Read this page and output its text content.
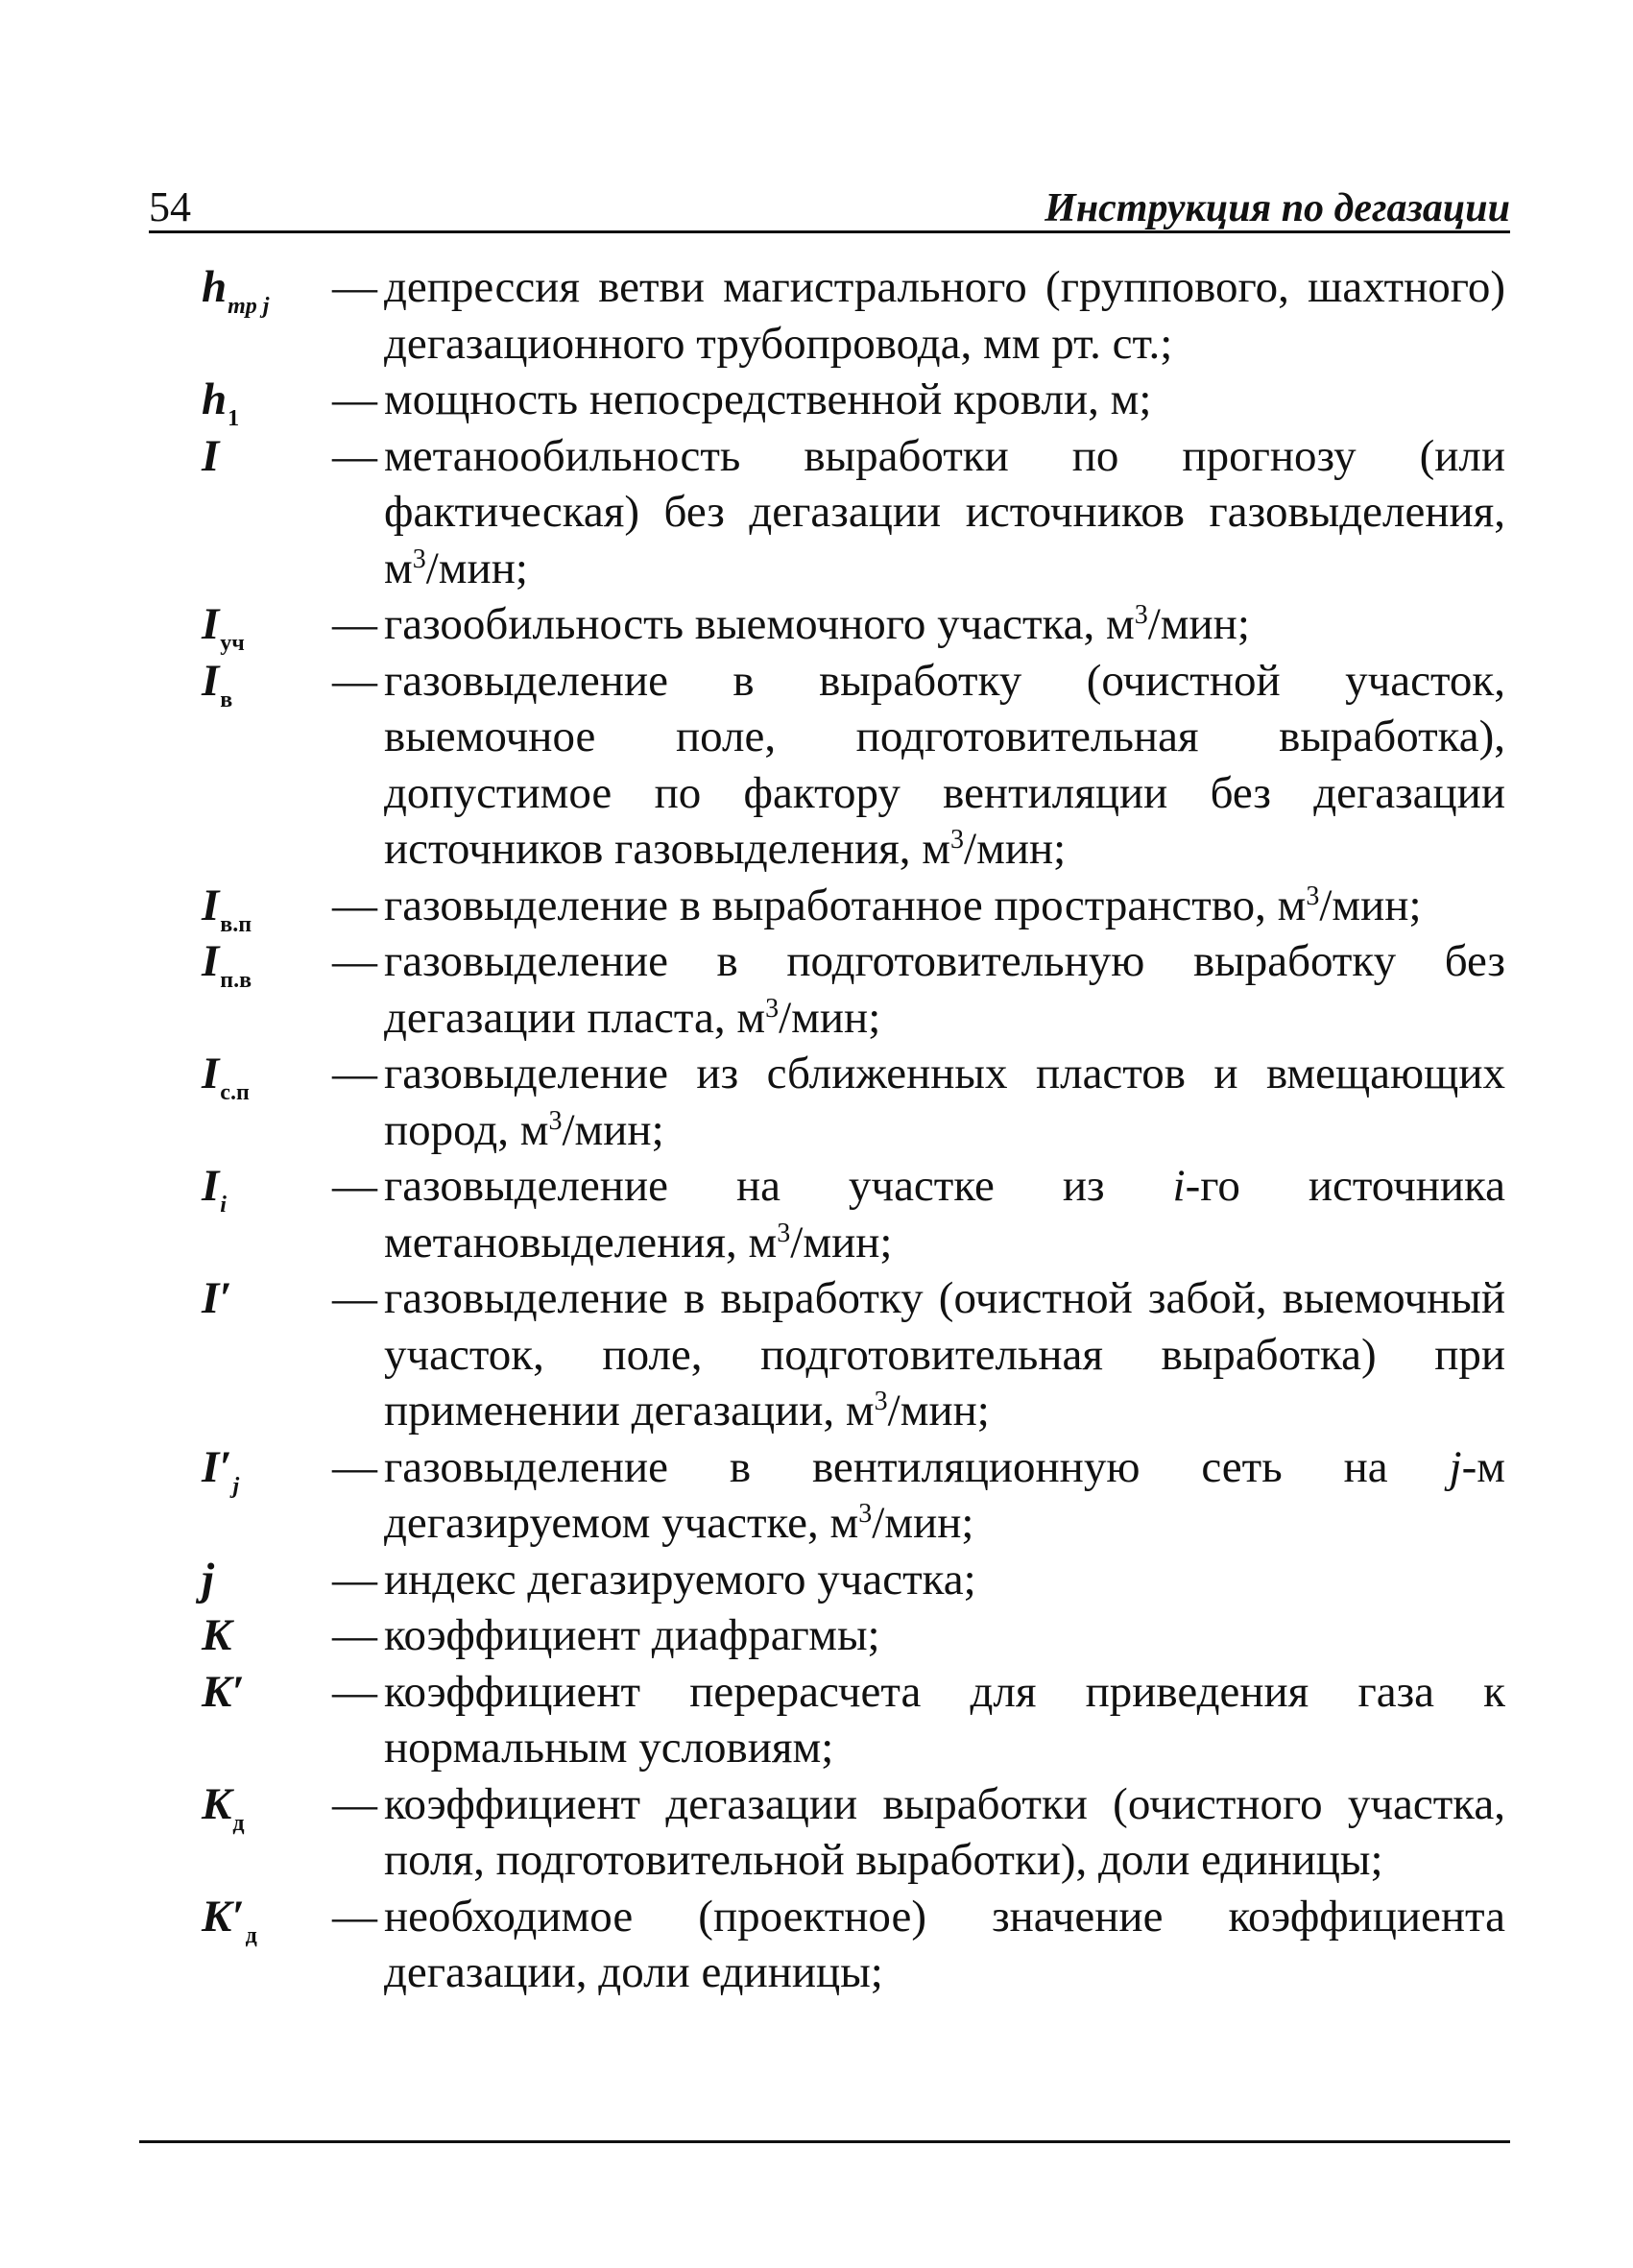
54	Инструкция по дегазации
$h_{тр j}$ — депрессия ветви магистрального (группового, шахтного) дегазационного трубопровода, мм рт. ст.;
$h_1$ — мощность непосредственной кровли, м;
I	— метанообильность выработки по прогнозу (или фактическая) без дегазации источников газовыделения, $м^3$/мин;
$I_{уч}$ — газообильность выемочного участка, $м^3$/мин;
$I_в$ — газовыделение в выработку (очистной участок, выемочное поле, подготовительная выработка), допустимое по фактору вентиляции без дегазации источников газовыделения, $м^3$/мин;
$I_{в.п}$ — газовыделение в выработанное пространство, $м^3$/мин;
$I_{п.в}$ — газовыделение в подготовительную выработку без дегазации пласта, $м^3$/мин;
$I_{с.п}$ — газовыделение из сближенных пластов и вмещающих пород, $м^3$/мин;
$I_i$ — газовыделение на участке из i-го источника метановыделения, $м^3$/мин;
I′ — газовыделение в выработку (очистной забой, выемочный участок, поле, подготовительная выработка) при применении дегазации, $м^3$/мин;
$I'_j$ — газовыделение в вентиляционную сеть на j-м дегазируемом участке, $м^3$/мин;
j	— индекс дегазируемого участка;
K — коэффициент диафрагмы;
K′ — коэффициент перерасчета для приведения газа к нормальным условиям;
$K_д$ — коэффициент дегазации выработки (очистного участка, поля, подготовительной выработки), доли единицы;
$K'_д$ — необходимое (проектное) значение коэффициента дегазации, доли единицы;
